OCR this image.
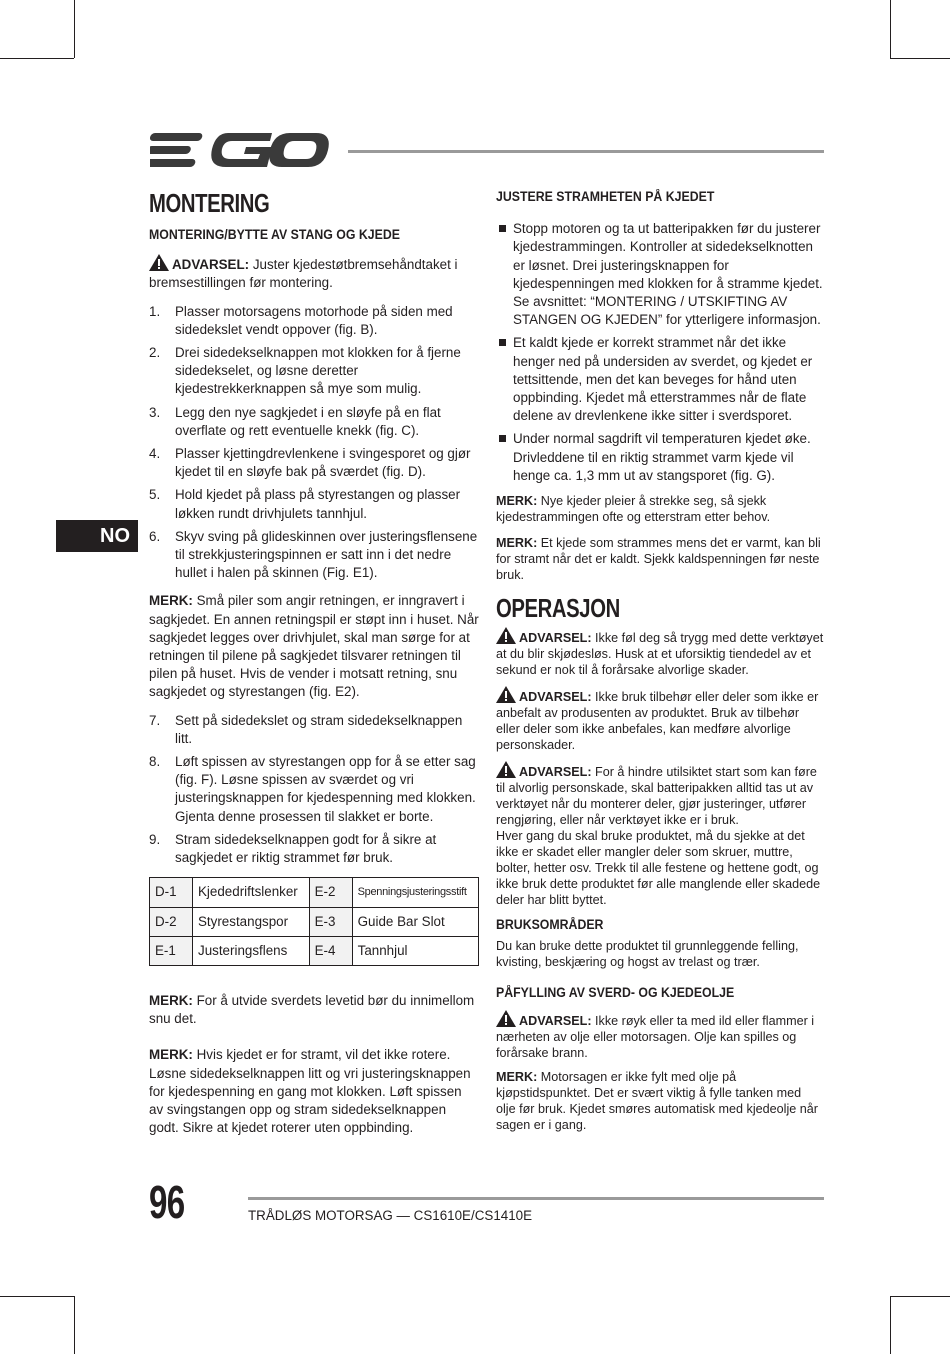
NO
MONTERING
MONTERING/BYTTE AV STANG OG KJEDE

ADVARSEL: Juster kjedestøtbremsehåndtaket i bremsestillingen før montering.

1. Plasser motorsagens motorhode på siden med sidedekslet vendt oppover (fig. B).
2. Drei sidedekselknappen mot klokken for å fjerne sidedekselet, og løsne deretter kjedestrekkerknappen så mye som mulig.
3. Legg den nye sagkjedet i en sløyfe på en flat overflate og rett eventuelle knekk (fig. C).
4. Plasser kjettingdrevlenkene i svingesporet og gjør kjedet til en sløyfe bak på sværdet (fig. D).
5. Hold kjedet på plass på styrestangen og plasser løkken rundt drivhjulets tannhjul.
6. Skyv sving på glideskinnen over justeringsflensene til strekkjusteringspinnen er satt inn i det nedre hullet i halen på skinnen (Fig. E1).

MERK: Små piler som angir retningen, er inngravert i sagkjedet. En annen retningspil er støpt inn i huset. Når sagkjedet legges over drivhjulet, skal man sørge for at retningen til pilene på sagkjedet tilsvarer retningen til pilen på huset. Hvis de vender i motsatt retning, snu sagkjedet og styrestangen (fig. E2).

7. Sett på sidedekslet og stram sidedekselknappen litt.
8. Løft spissen av styrestangen opp for å se etter sag (fig. F). Løsne spissen av sværdet og vri justeringsknappen for kjedespenning med klokken. Gjenta denne prosessen til slakket er borte.
9. Stram sidedekselknappen godt for å sikre at sagkjedet er riktig strammet før bruk.
D-1	Kjededriftslenker	E-2	Spenningsjusteringsstift
D-2	Styrestangspor	E-3	Guide Bar Slot
E-1	Justeringsflens	E-4	Tannhjul

MERK: For å utvide sverdets levetid bør du innimellom snu det.

MERK: Hvis kjedet er for stramt, vil det ikke rotere. Løsne sidedekselknappen litt og vri justeringsknappen for kjedespenning en gang mot klokken. Løft spissen av svingstangen opp og stram sidedekselknappen godt. Sikre at kjedet roterer uten oppbinding.

JUSTERE STRAMHETEN PÅ KJEDET
Stopp motoren og ta ut batteripakken før du justerer kjedestrammingen. Kontroller at sidedekselknotten er løsnet. Drei justeringsknappen for kjedespenningen med klokken for å stramme kjedet. Se avsnittet: “MONTERING / UTSKIFTING AV STANGEN OG KJEDEN” for ytterligere informasjon.
Et kaldt kjede er korrekt strammet når det ikke henger ned på undersiden av sverdet, og kjedet er tettsittende, men det kan beveges for hånd uten oppbinding. Kjedet må etterstrammes når de flate delene av drevlenkene ikke sitter i sverdsporet.
Under normal sagdrift vil temperaturen kjedet øke. Drivleddene til en riktig strammet varm kjede vil henge ca. 1,3 mm ut av stangsporet (fig. G).

MERK: Nye kjeder pleier å strekke seg, så sjekk kjedestrammingen ofte og etterstram etter behov.

MERK: Et kjede som strammes mens det er varmt, kan bli for stramt når det er kaldt. Sjekk kaldspenningen før neste bruk.

OPERASJON

ADVARSEL: Ikke føl deg så trygg med dette verktøyet at du blir skjødesløs. Husk at et uforsiktig tiendedel av et sekund er nok til å forårsake alvorlige skader.

ADVARSEL: Ikke bruk tilbehør eller deler som ikke er anbefalt av produsenten av produktet. Bruk av tilbehør eller deler som ikke anbefales, kan medføre alvorlige personskader.

ADVARSEL: For å hindre utilsiktet start som kan føre til alvorlig personskade, skal batteripakken alltid tas ut av verktøyet når du monterer deler, gjør justeringer, utfører rengjøring, eller når verktøyet ikke er i bruk.
Hver gang du skal bruke produktet, må du sjekke at det ikke er skadet eller mangler deler som skruer, muttre, bolter, hetter osv. Trekk til alle festene og hettene godt, og ikke bruk dette produktet før alle manglende eller skadede deler har blitt byttet.

BRUKSOMRÅDER

Du kan bruke dette produktet til grunnleggende felling, kvisting, beskjæring og hogst av trelast og trær.

PÅFYLLING AV SVERD- OG KJEDEOLJE

ADVARSEL: Ikke røyk eller ta med ild eller flammer i nærheten av olje eller motorsagen. Olje kan spilles og forårsake brann.

MERK: Motorsagen er ikke fylt med olje på kjøpstidspunktet. Det er svært viktig å fylle tanken med olje før bruk. Kjedet smøres automatisk med kjedeolje når sagen er i gang.

96	TRÅDLØS MOTORSAG — CS1610E/CS1410E
